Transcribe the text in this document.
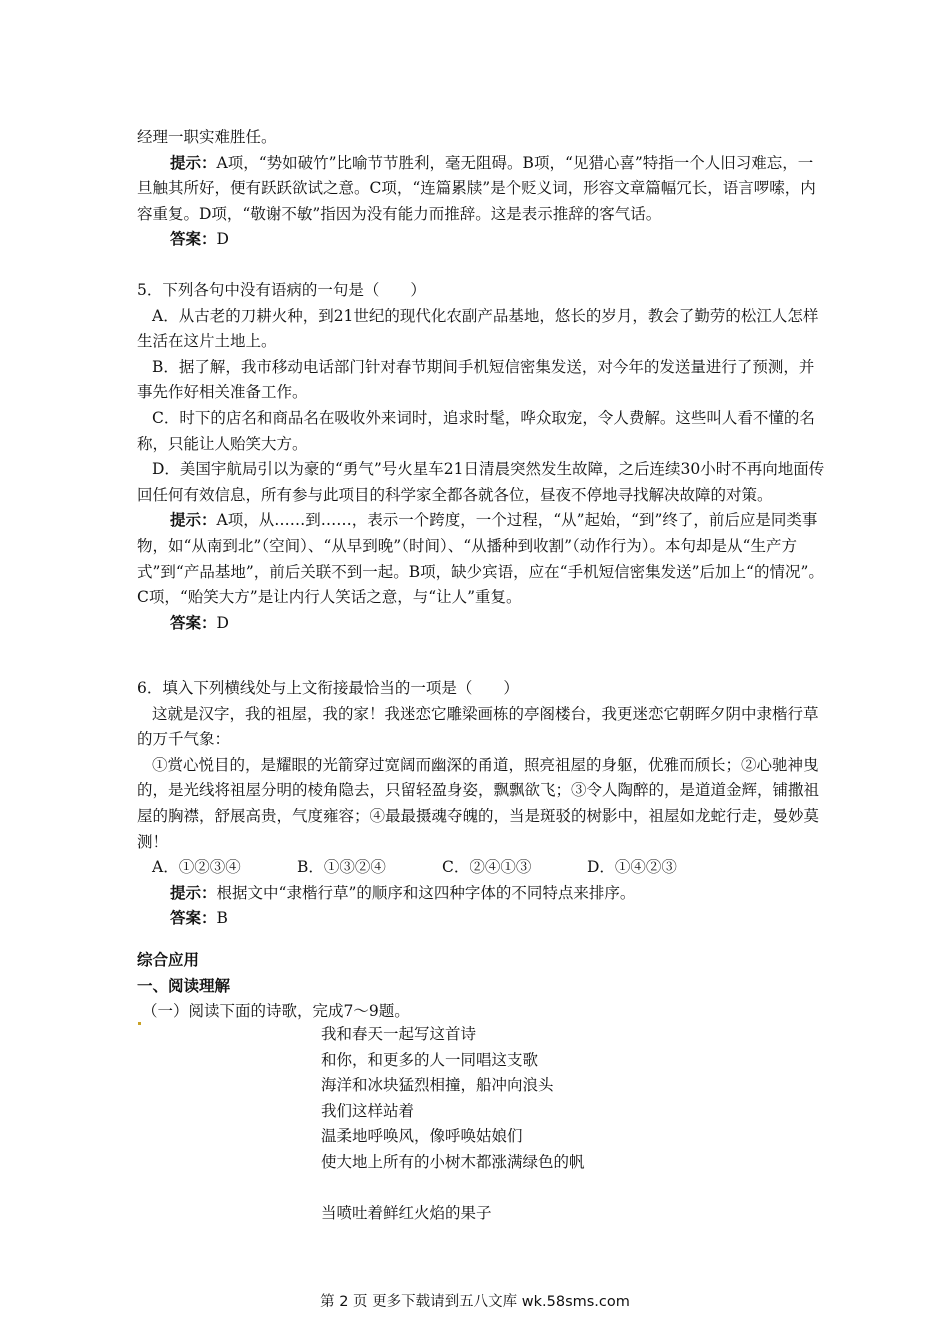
经理一职实难胜任。

提示：A项，“势如破竹”比喻节节胜利，毫无阻碍。B项，“见猎心喜”特指一个人旧习难忘，一旦触其所好，便有跃跃欲试之意。C项，“连篇累牍”是个贬义词，形容文章篇幅冗长，语言啰嗦，内容重复。D项，“敬谢不敏”指因为没有能力而推辞。这是表示推辞的客气话。

答案：D

5．下列各句中没有语病的一句是（　　）

A．从古老的刀耕火种，到21世纪的现代化农副产品基地，悠长的岁月，教会了勤劳的松江人怎样生活在这片土地上。

B．据了解，我市移动电话部门针对春节期间手机短信密集发送，对今年的发送量进行了预测，并事先作好相关准备工作。

C．时下的店名和商品名在吸收外来词时，追求时髦，哗众取宠，令人费解。这些叫人看不懂的名称，只能让人贻笑大方。

D．美国宇航局引以为豪的“勇气”号火星车21日清晨突然发生故障，之后连续30小时不再向地面传回任何有效信息，所有参与此项目的科学家全都各就各位，昼夜不停地寻找解决故障的对策。

提示：A项，从……到……，表示一个跨度，一个过程，“从”起始，“到”终了，前后应是同类事物，如“从南到北”（空间）、“从早到晚”（时间）、“从播种到收割”（动作行为）。本句却是从“生产方式”到“产品基地”，前后关联不到一起。B项，缺少宾语，应在“手机短信密集发送”后加上“的情况”。C项，“贻笑大方”是让内行人笑话之意，与“让人”重复。

答案：D

6．填入下列横线处与上文衔接最恰当的一项是（　　）

这就是汉字，我的祖屋，我的家！我迷恋它雕梁画栋的亭阁楼台，我更迷恋它朝晖夕阴中隶楷行草的万千气象：

①赏心悦目的，是耀眼的光箭穿过宽阔而幽深的甬道，照亮祖屋的身躯，优雅而颀长；②心驰神曳的，是光线将祖屋分明的棱角隐去，只留轻盈身姿，飘飘欲飞；③令人陶醉的，是道道金辉，铺撒祖屋的胸襟，舒展高贵，气度雍容；④最最摄魂夺魄的，当是斑驳的树影中，祖屋如龙蛇行走，曼妙莫测！

A．①②③④	B．①③②④	C．②④①③	D．①④②③

提示：根据文中“隶楷行草”的顺序和这四种字体的不同特点来排序。

答案：B

综合应用

一、阅读理解

（一）阅读下面的诗歌，完成7～9题。

我和春天一起写这首诗

和你，和更多的人一同唱这支歌

海洋和冰块猛烈相撞，船冲向浪头

我们这样站着

温柔地呼唤风，像呼唤姑娘们

使大地上所有的小树木都涨满绿色的帆

当喷吐着鲜红火焰的果子

第 2 页 更多下载请到五八文库 wk.58sms.com
